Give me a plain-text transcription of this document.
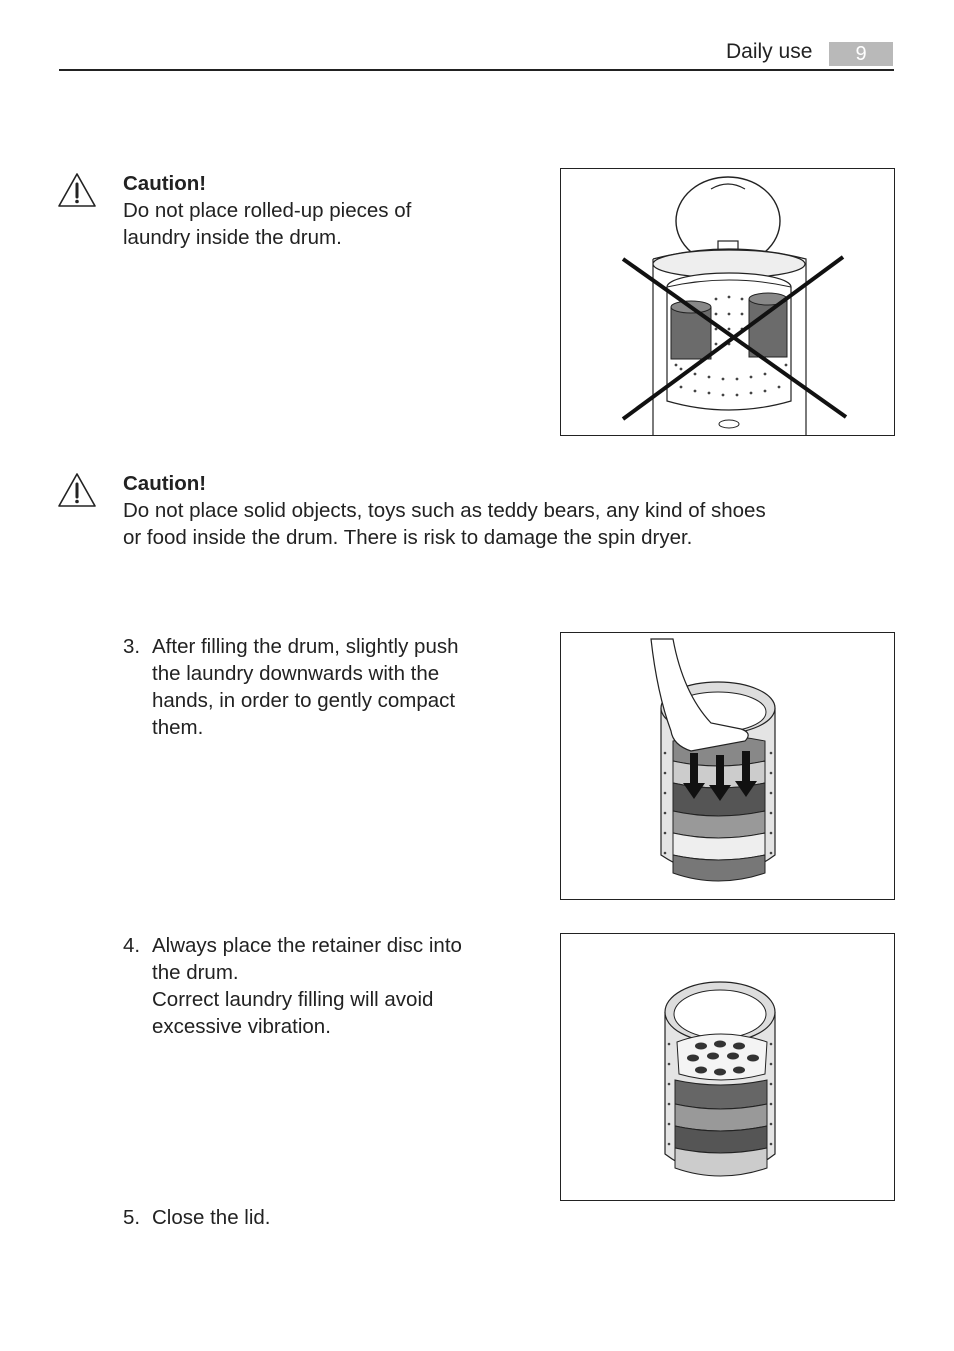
Daily use	9
Caution!
Do not place rolled-up pieces of
laundry inside the drum.
Caution!
Do not place solid objects, toys such as teddy bears, any kind of shoes
or food inside the drum. There is risk to damage the spin dryer.
3. After filling the drum, slightly push
the laundry downwards with the
hands, in order to gently compact
them.
4. Always place the retainer disc into
the drum.
Correct laundry filling will avoid
excessive vibration.
5. Close the lid.
